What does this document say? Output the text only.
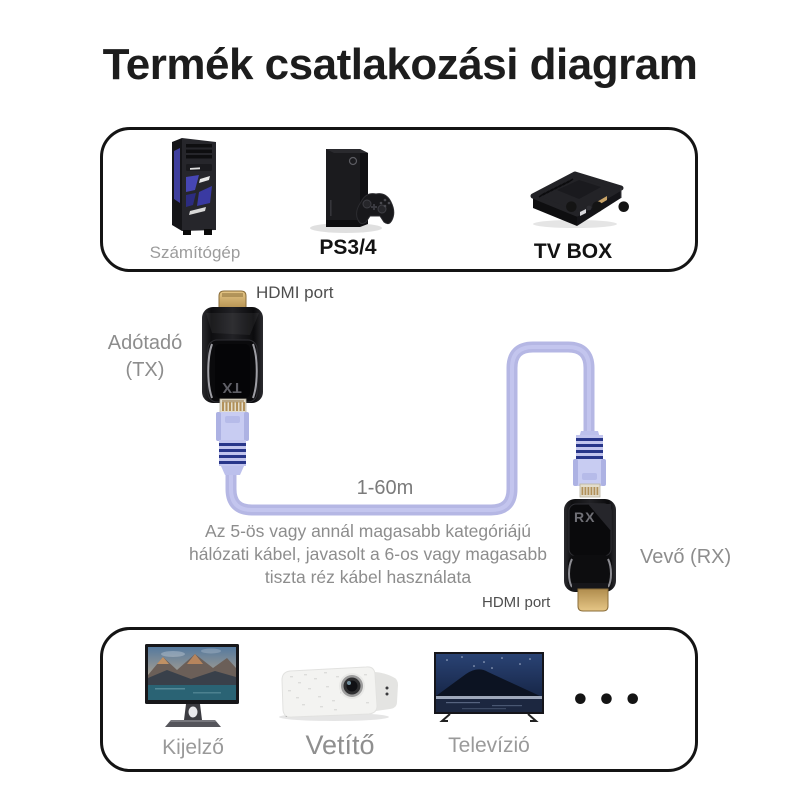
Termék csatlakozási diagram
Számítógép	PS3/4	TV BOX
•••
TX
RX
HDMI port
Adótadó
(TX)
1-60m
Az 5-ös vagy annál magasabb kategóriájú
hálózati kábel, javasolt a 6-os vagy magasabb
tiszta réz kábel használata
Vevő (RX)
HDMI port
Kijelző	Vetítő	Televízió
•••
